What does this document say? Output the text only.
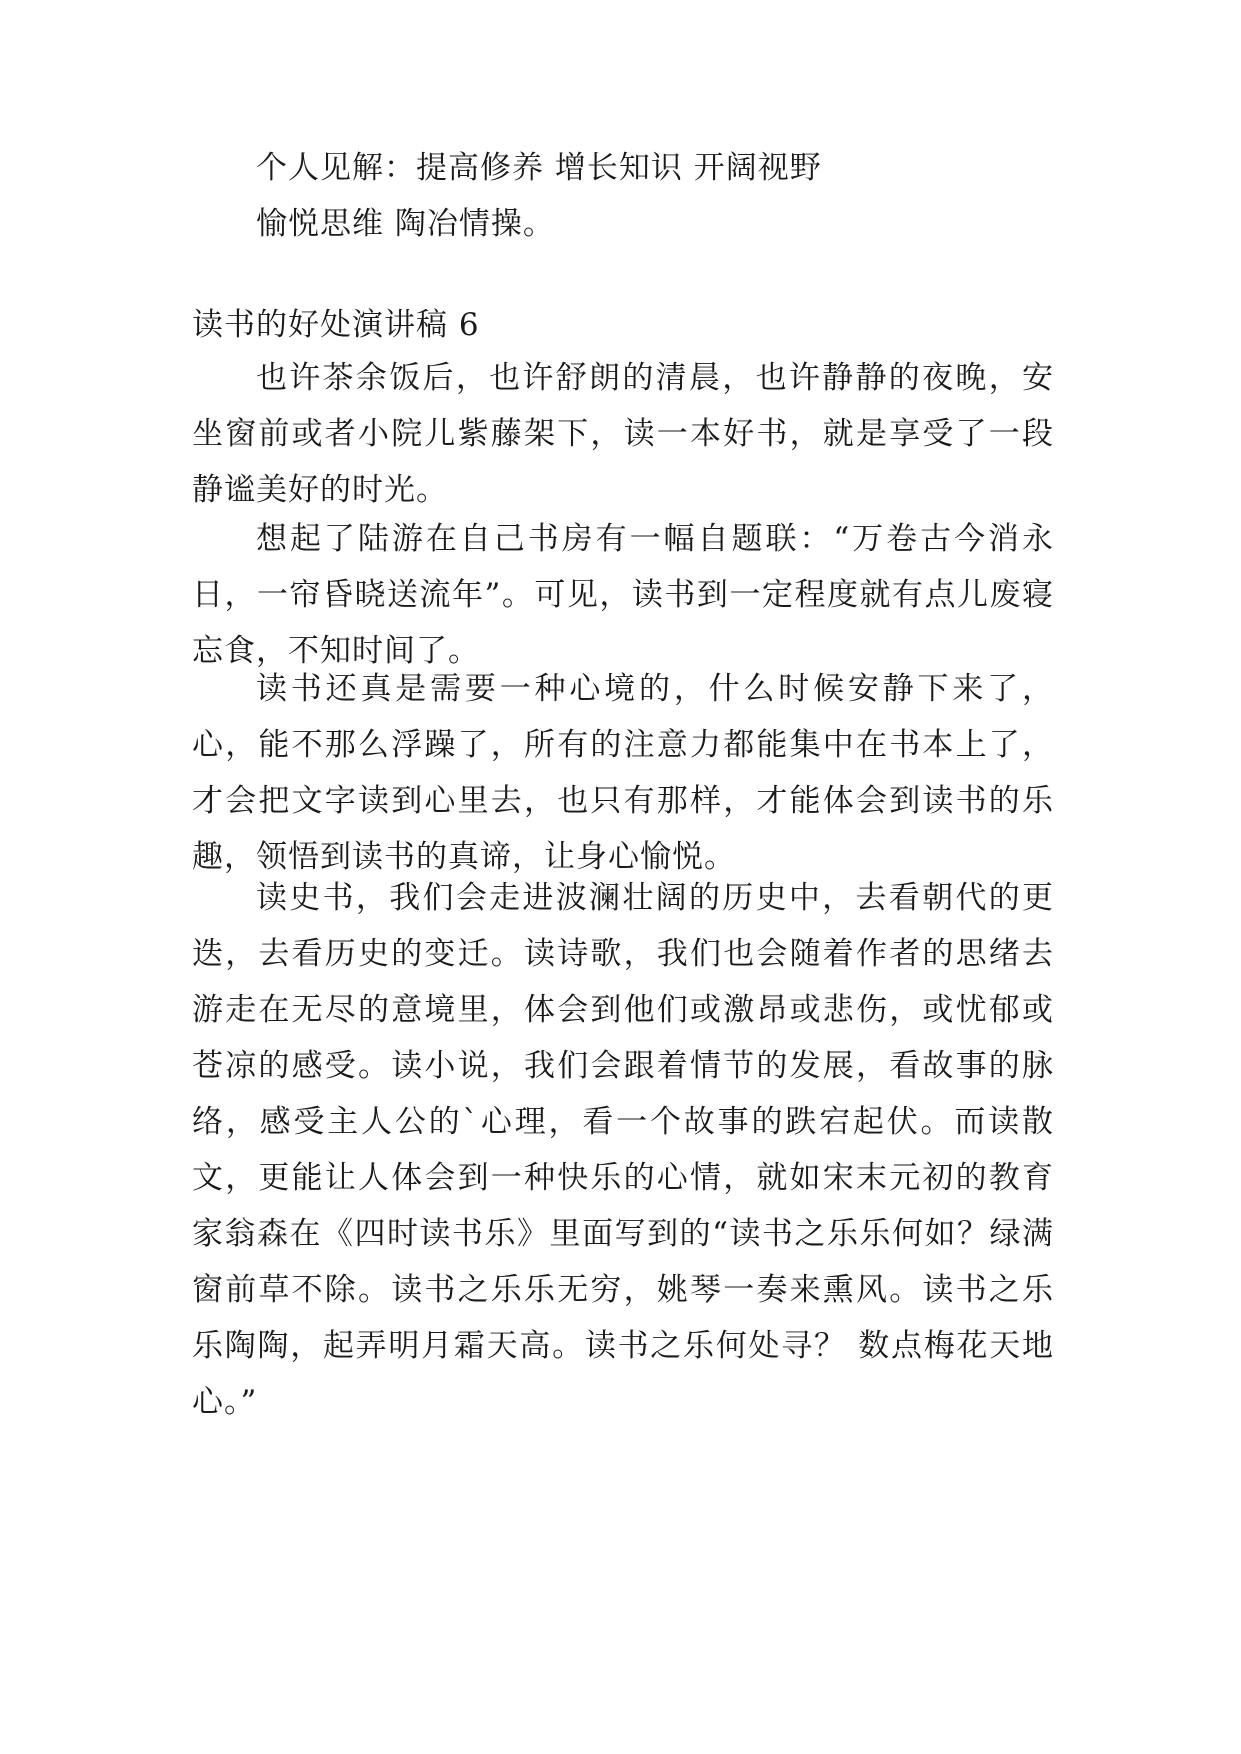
个人见解：提高修养 增长知识 开阔视野

愉悦思维 陶冶情操。

读书的好处演讲稿 6

也许茶余饭后，也许舒朗的清晨，也许静静的夜晚，安坐窗前或者小院儿紫藤架下，读一本好书，就是享受了一段静谧美好的时光。

想起了陆游在自己书房有一幅自题联：“万卷古今消永日，一帘昏晓送流年”。可见，读书到一定程度就有点儿废寝忘食，不知时间了。

读书还真是需要一种心境的，什么时候安静下来了，心，能不那么浮躁了，所有的注意力都能集中在书本上了，才会把文字读到心里去，也只有那样，才能体会到读书的乐趣，领悟到读书的真谛，让身心愉悦。

读史书，我们会走进波澜壮阔的历史中，去看朝代的更迭，去看历史的变迁。读诗歌，我们也会随着作者的思绪去游走在无尽的意境里，体会到他们或激昂或悲伤，或忧郁或苍凉的感受。读小说，我们会跟着情节的发展，看故事的脉络，感受主人公的`心理，看一个故事的跌宕起伏。而读散文，更能让人体会到一种快乐的心情，就如宋末元初的教育家翁森在《四时读书乐》里面写到的“读书之乐乐何如？绿满窗前草不除。读书之乐乐无穷，姚琴一奏来熏风。读书之乐乐陶陶，起弄明月霜天高。读书之乐何处寻？ 数点梅花天地心。”
